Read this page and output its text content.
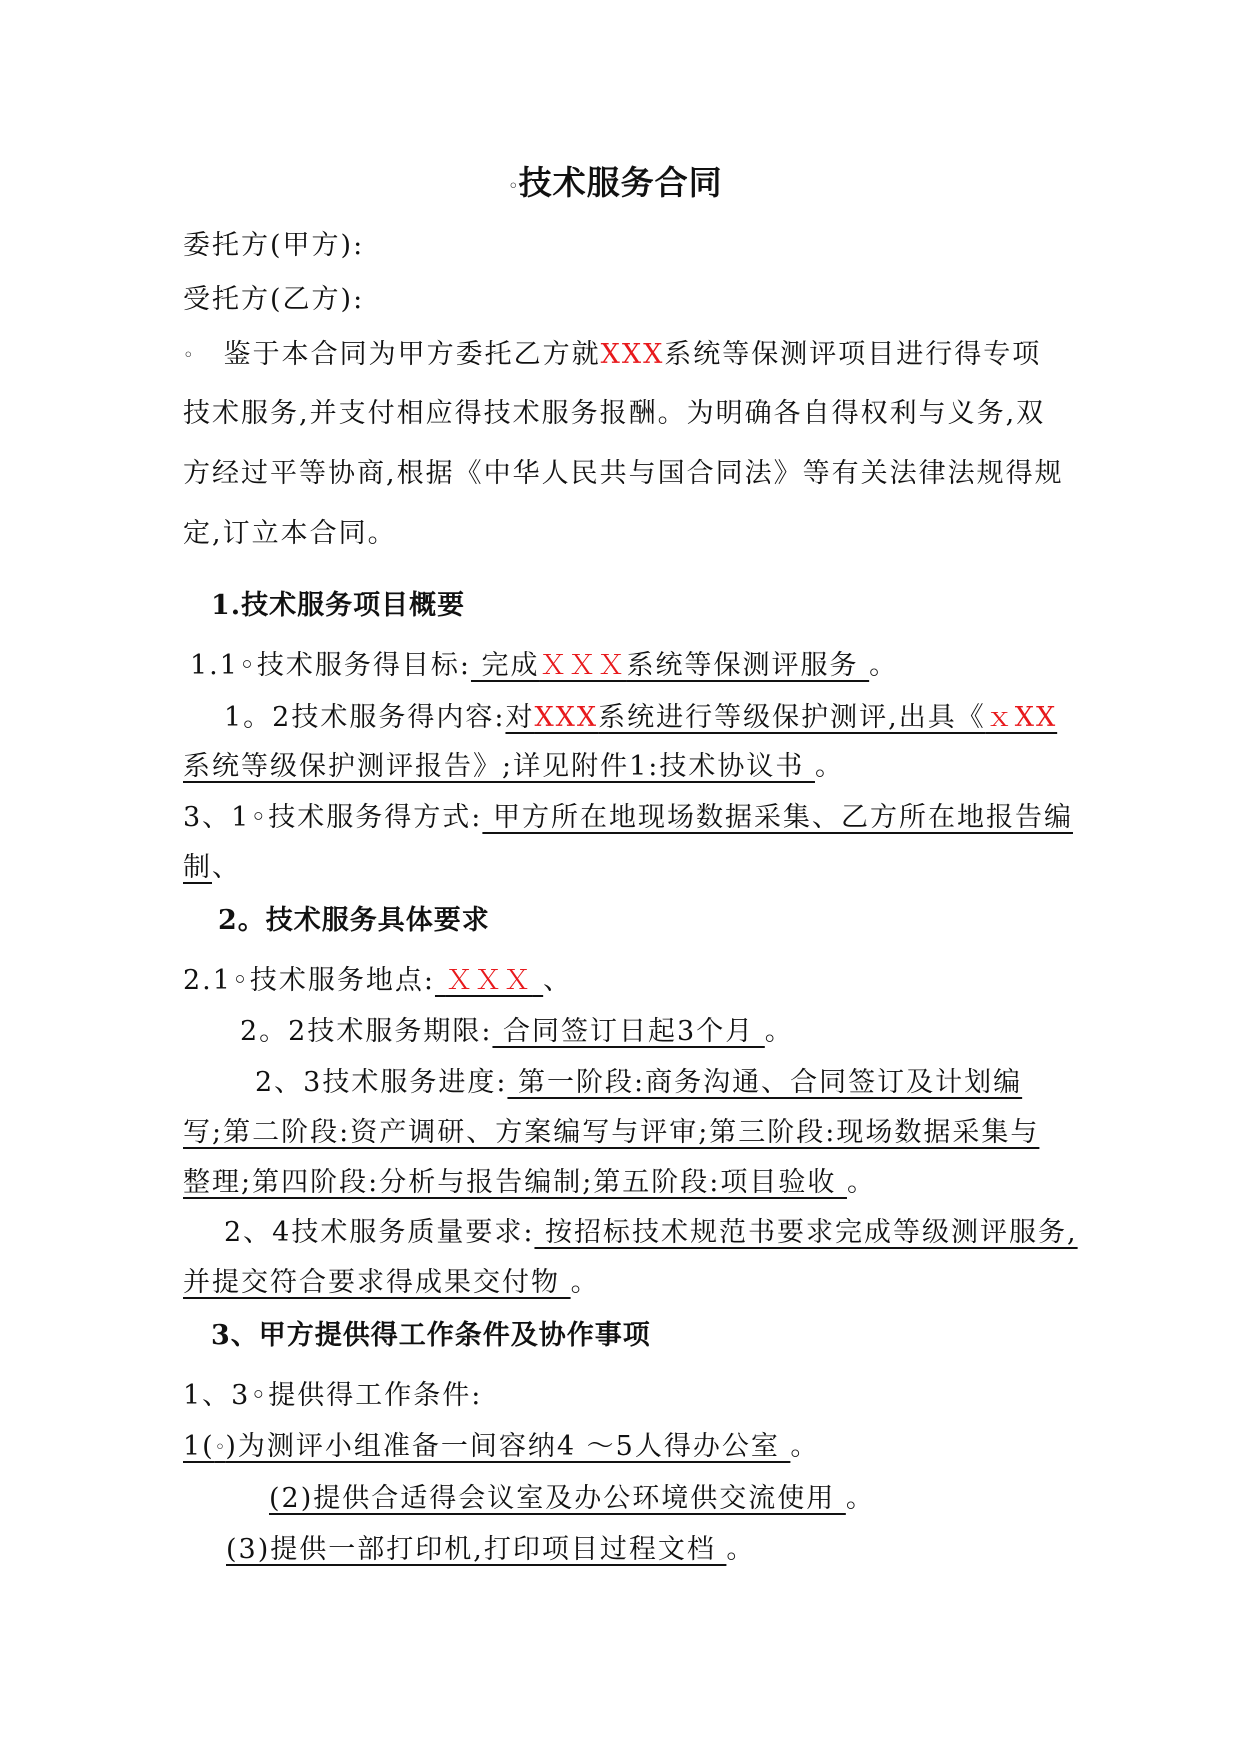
◦技术服务合同
委托方(甲方):
受托方(乙方):
◦ 鉴于本合同为甲方委托乙方就XXX系统等保测评项目进行得专项
技术服务,并支付相应得技术服务报酬。为明确各自得权利与义务,双
方经过平等协商,根据《中华人民共与国合同法》等有关法律法规得规
定,订立本合同。
1.技术服务项目概要
1.1◦技术服务得目标: 完成ＸＸＸ系统等保测评服务 。
1。2技术服务得内容:对XXX系统进行等级保护测评,出具《ｘXX
系统等级保护测评报告》;详见附件1:技术协议书 。
3、1◦技术服务得方式: 甲方所在地现场数据采集、乙方所在地报告编
制、
2。技术服务具体要求
2.1◦技术服务地点: ＸＸＸ 、
2。2技术服务期限: 合同签订日起3个月 。
2、3技术服务进度: 第一阶段:商务沟通、合同签订及计划编
写;第二阶段:资产调研、方案编写与评审;第三阶段:现场数据采集与
整理;第四阶段:分析与报告编制;第五阶段:项目验收 。
2、4技术服务质量要求: 按招标技术规范书要求完成等级测评服务,
并提交符合要求得成果交付物 。
3、甲方提供得工作条件及协作事项
1、3◦提供得工作条件:
1(◦)为测评小组准备一间容纳4 ～5人得办公室 。
(2)提供合适得会议室及办公环境供交流使用 。
(3)提供一部打印机,打印项目过程文档 。
